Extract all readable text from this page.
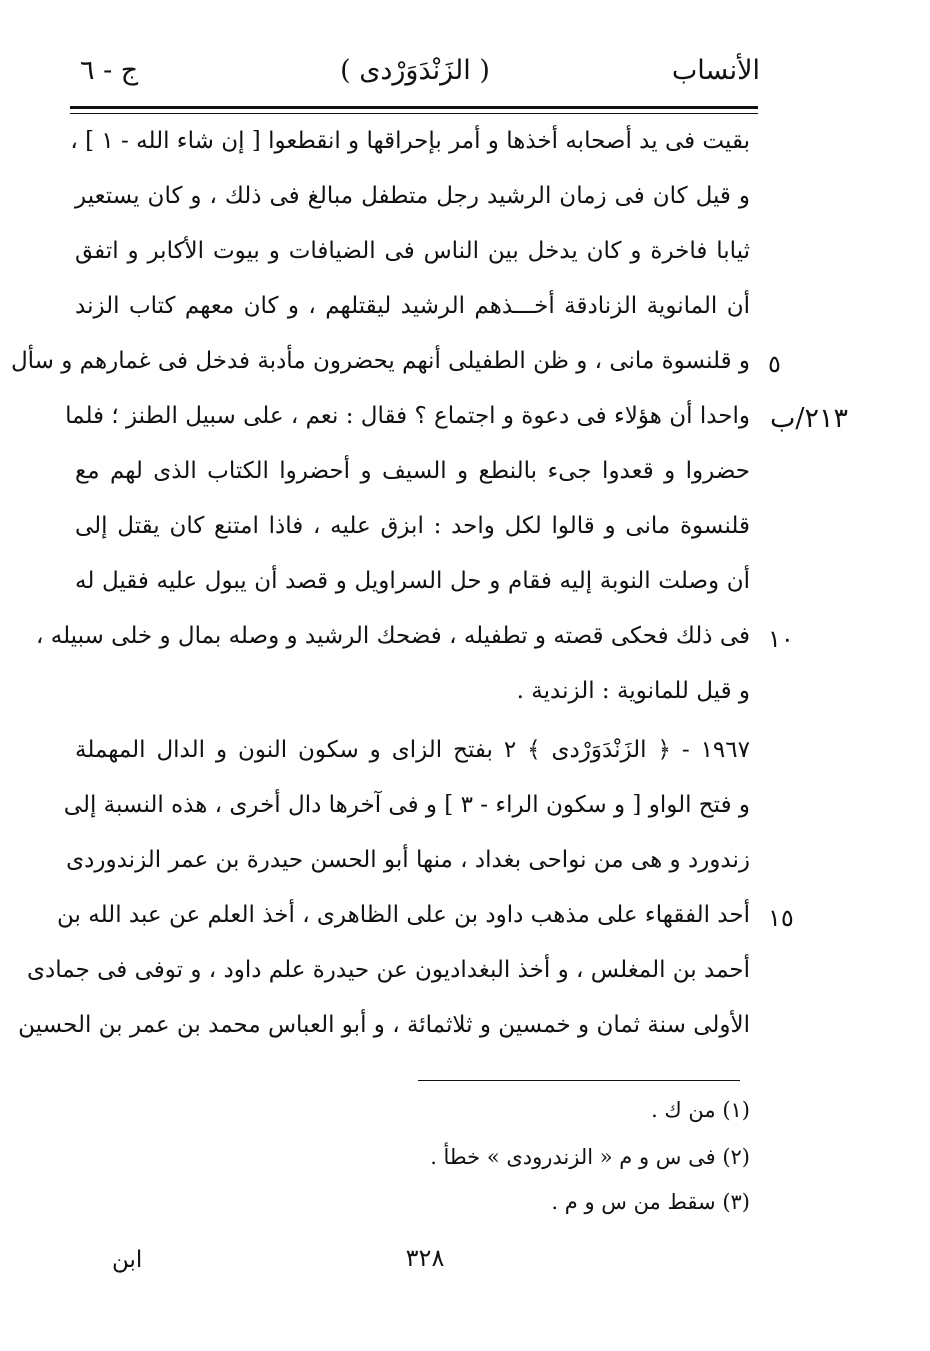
الأنساب
( الزَنْدَوَرْدى )
ج - ٦
بقيت فى يد أصحابه أخذها و أمر بإحراقها و انقطعوا [ إن شاء الله - ١ ] ،
و قيل كان فى زمان الرشيد رجل متطفل مبالغ فى ذلك ، و كان يستعير
ثيابا فاخرة و كان يدخل بين الناس فى الضيافات و بيوت الأكابر و اتفق
أن المانوية الزنادقة أخـــذهم الرشيد ليقتلهم ، و كان معهم كتاب الزند
و قلنسوة مانى ، و ظن الطفيلى أنهم يحضرون مأدبة فدخل فى غمارهم و سأل
واحدا أن هؤلاء فى دعوة و اجتماع ؟ فقال : نعم ، على سبيل الطنز ؛ فلما
حضروا و قعدوا جىء بالنطع و السيف و أحضروا الكتاب الذى لهم مع
قلنسوة مانى و قالوا لكل واحد : ابزق عليه ، فاذا امتنع كان يقتل إلى
أن وصلت النوبة إليه فقام و حل السراويل و قصد أن يبول عليه فقيل له
فى ذلك فحكى قصته و تطفيله ، فضحك الرشيد و وصله بمال و خلى سبيله ،
و قيل للمانوية : الزندية .
١٩٦٧ - ﴿ الزَنْدَوَرْدى ﴾ ٢ بفتح الزاى و سكون النون و الدال المهملة
و فتح الواو [ و سكون الراء - ٣ ] و فى آخرها دال أخرى ، هذه النسبة إلى
زندورد و هى من نواحى بغداد ، منها أبو الحسن حيدرة بن عمر الزندوردى
أحد الفقهاء على مذهب داود بن على الظاهرى ، أخذ العلم عن عبد الله بن
أحمد بن المغلس ، و أخذ البغداديون عن حيدرة علم داود ، و توفى فى جمادى
الأولى سنة ثمان و خمسين و ثلاثمائة ، و أبو العباس محمد بن عمر بن الحسين
٥
٢١٣/ب
١٠
١٥
(١) من ك .
(٢) فى س و م « الزندرودى » خطأ .
(٣) سقط من س و م .
٣٢٨
ابن
